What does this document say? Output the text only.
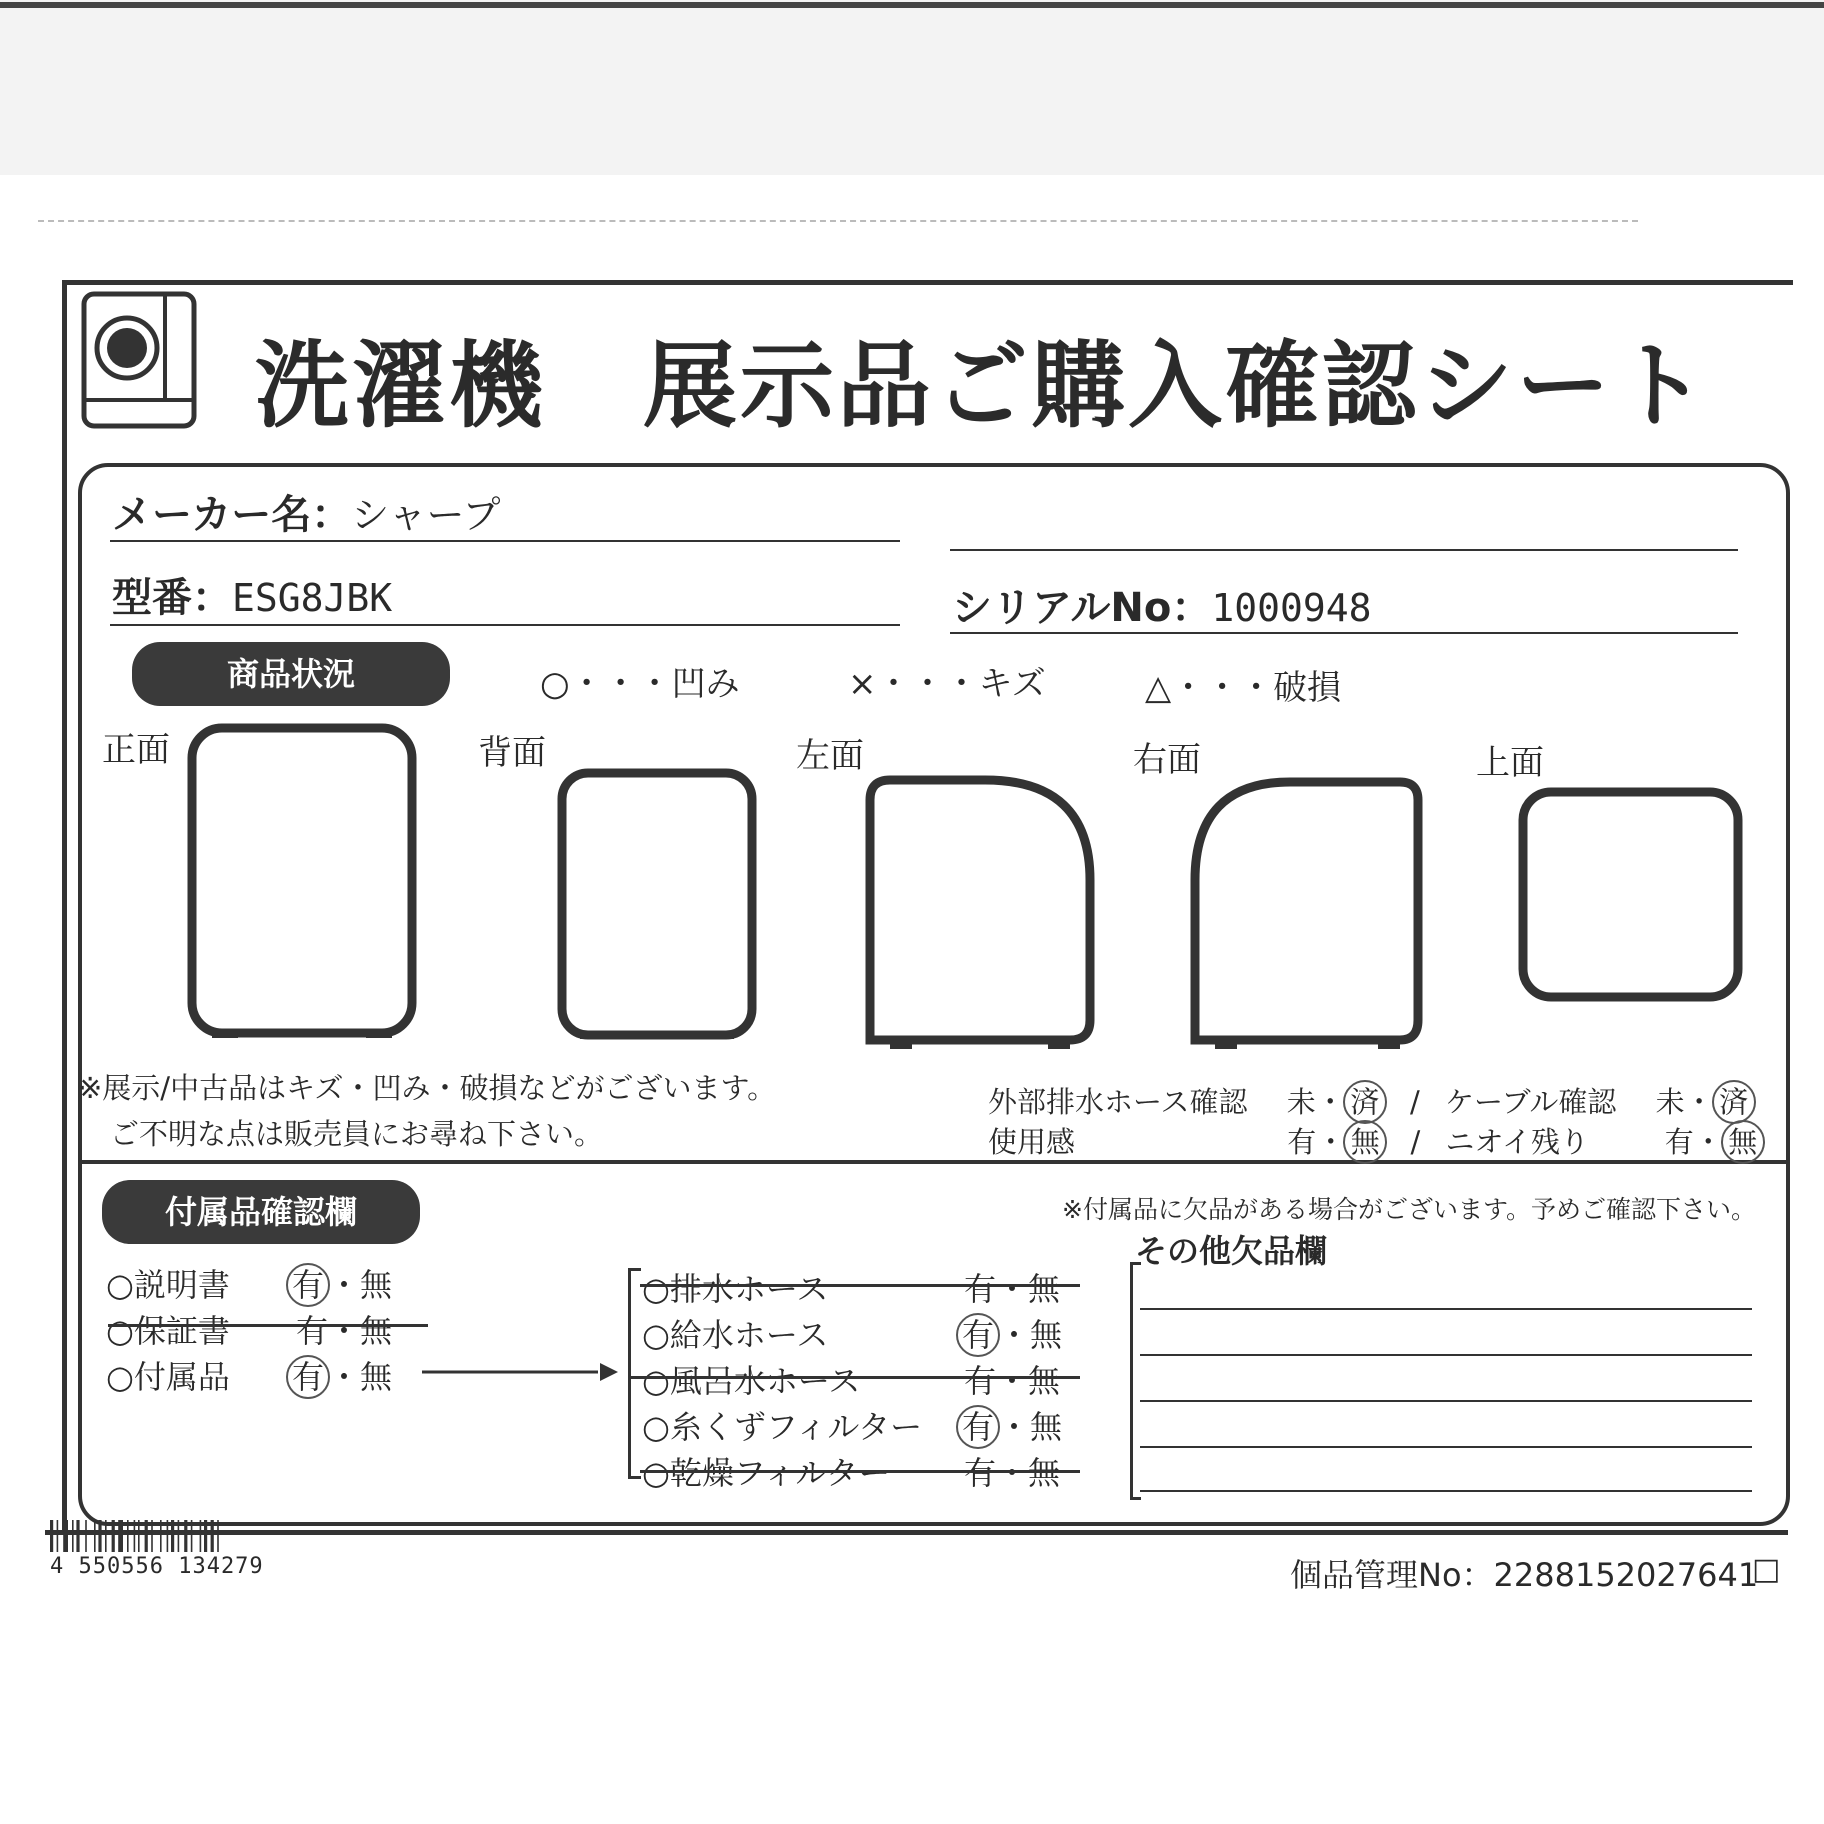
洗濯機　展示品ご購入確認シート
メーカー名：シャープ
型番：ESG8JBK	シリアルNo：1000948
商品状況	○・・・凹み	×・・・キズ	△・・・破損
正面	背面	左面	右面	上面
※展示/中古品はキズ・凹み・破損などがございます。
ご不明な点は販売員にお尋ね下さい。
外部排水ホース確認 未・ 済 / ケーブル確認 未・ 済
使用感	有・ 無 / ニオイ残り	有・ 無
付属品確認欄	※付属品に欠品がある場合がございます。予めご確認下さい。
その他欠品欄
○説明書 有 ・無
○保証書 有・無
○付属品 有 ・無
○排水ホース	有・無
○給水ホース	有 ・無
○風呂水ホース	有・無
○糸くずフィルター 有 ・無
○乾燥フィルター 有・無
4 550556 134279	個品管理No：2288152027641
□
